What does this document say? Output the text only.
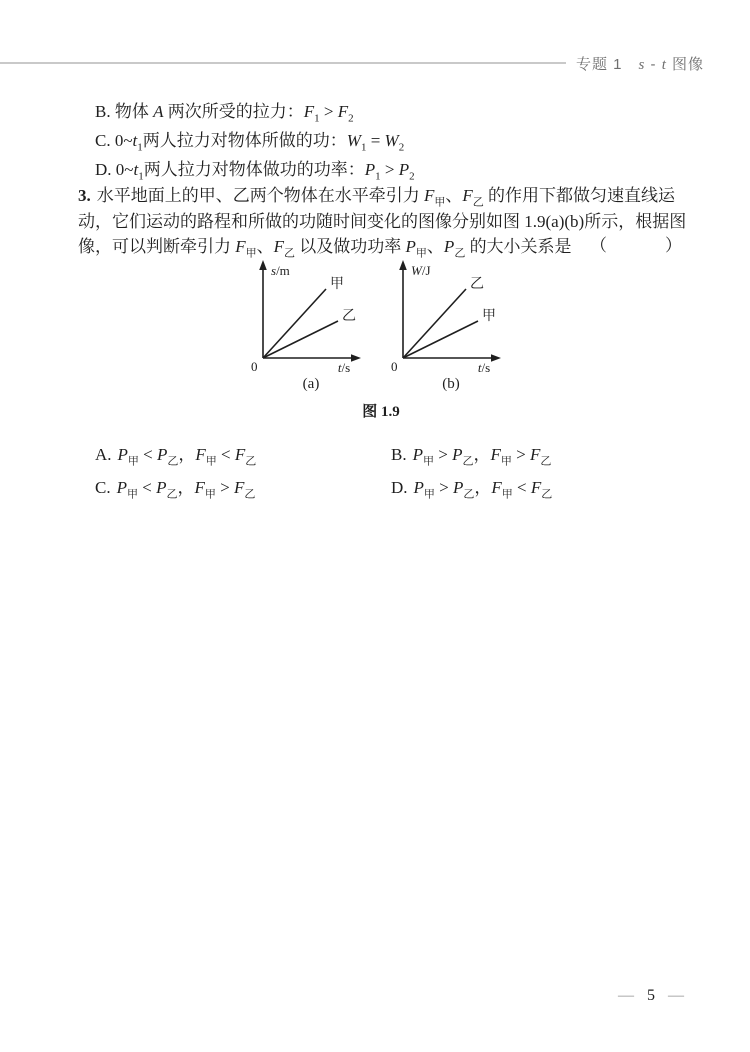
专题 1　s - t 图像
B. 物体 A 两次所受的拉力：$F_1 > F_2$
C. $0\sim t_1$两人拉力对物体所做的功：$W_1 = W_2$
D. $0\sim t_1$两人拉力对物体做功的功率：$P_1 > P_2$
3. 水平地面上的甲、乙两个物体在水平牵引力 $F_甲$、$F_乙$ 的作用下都做匀速直线运动，它们运动的路程和所做的功随时间变化的图像分别如图 1.9(a)(b)所示，根据图像，可以判断牵引力 $F_甲$、$F_乙$ 以及做功功率 $P_甲$、$P_乙$ 的大小关系是 （　　）
s/m
甲
乙
0	t/s
(a)
W/J
乙
甲
0	t/s
(b)
图 1.9
A. $P_甲 < P_乙$，$F_甲 < F_乙$	B. $P_甲 > P_乙$，$F_甲 > F_乙$
C. $P_甲 < P_乙$，$F_甲 > F_乙$	D. $P_甲 > P_乙$，$F_甲 < F_乙$
— 5 —
